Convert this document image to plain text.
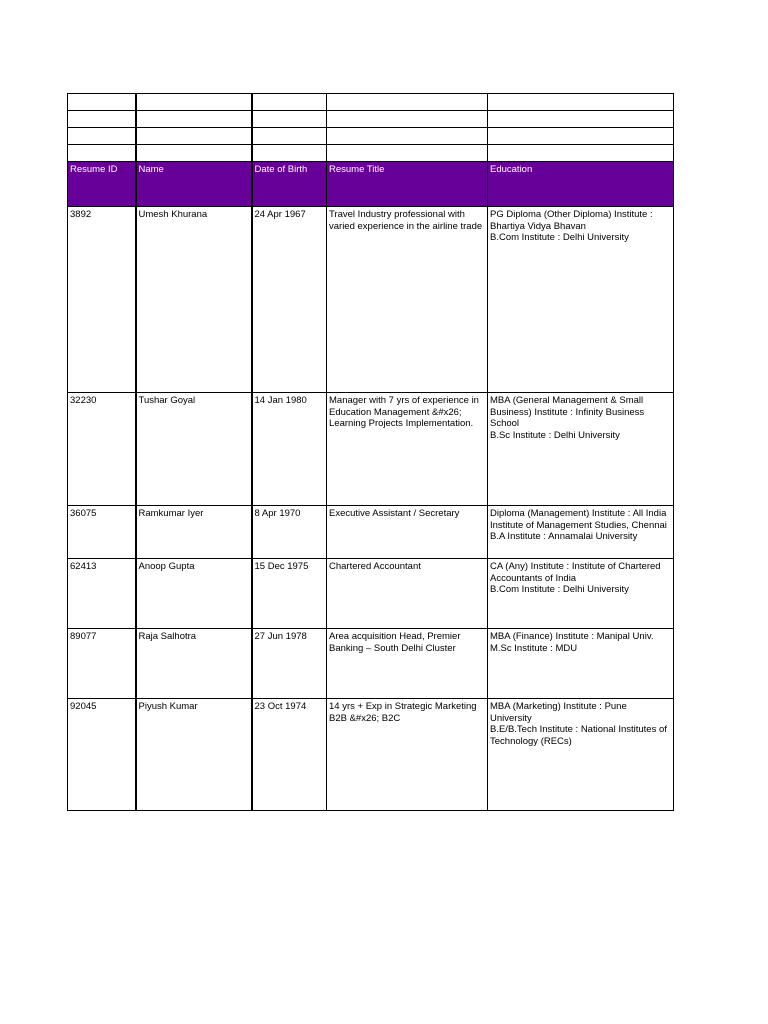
Resume ID	Name	Date of Birth	Resume Title	Education
3892	Umesh Khurana	24 Apr 1967	Travel Industry professional with varied experience in the airline trade	PG Diploma (Other Diploma) Institute : Bhartiya Vidya Bhavan
B.Com Institute : Delhi University

32230	Tushar Goyal	14 Jan 1980	Manager with 7 yrs of experience in Education Management &#x26; Learning Projects Implementation.	MBA (General Management & Small Business) Institute : Infinity Business School
B.Sc Institute : Delhi University

36075	Ramkumar Iyer	8 Apr 1970	Executive Assistant / Secretary	Diploma (Management) Institute : All India Institute of Management Studies, Chennai
B.A Institute : Annamalai University

62413	Anoop Gupta	15 Dec 1975	Chartered Accountant	CA (Any) Institute : Institute of Chartered Accountants of India
B.Com Institute : Delhi University

89077	Raja Salhotra	27 Jun 1978	Area acquisition Head, Premier Banking – South Delhi Cluster	MBA (Finance) Institute : Manipal Univ.
M.Sc Institute : MDU

92045	Piyush Kumar	23 Oct 1974	14 yrs + Exp in Strategic Marketing B2B &#x26; B2C	MBA (Marketing) Institute : Pune University
B.E/B.Tech Institute : National Institutes of Technology (RECs)
